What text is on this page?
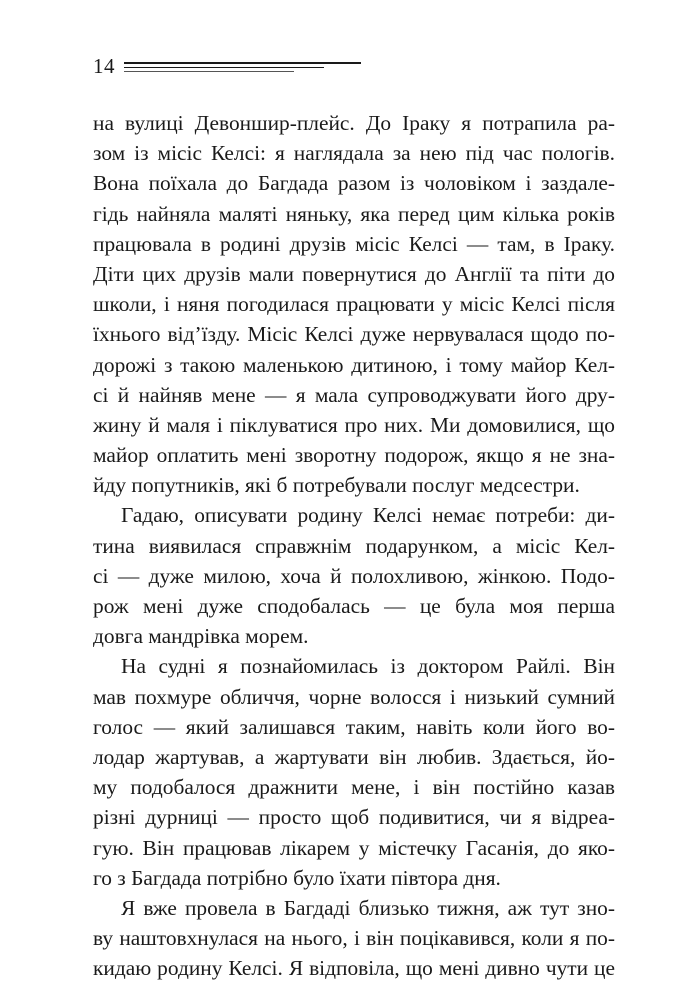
14
на вулиці Девоншир-плейс. До Іраку я потрапила ра-
зом із місіс Келсі: я наглядала за нею під час пологів.
Вона поїхала до Багдада разом із чоловіком і заздале-
гідь найняла маляті няньку, яка перед цим кілька років
працювала в родині друзів місіс Келсі — там, в Іраку.
Діти цих друзів мали повернутися до Англії та піти до
школи, і няня погодилася працювати у місіс Келсі після
їхнього від’їзду. Місіс Келсі дуже нервувалася щодо по-
дорожі з такою маленькою дитиною, і тому майор Кел-
сі й найняв мене — я мала супроводжувати його дру-
жину й маля і піклуватися про них. Ми домовилися, що
майор оплатить мені зворотну подорож, якщо я не зна-
йду попутників, які б потребували послуг медсестри.
Гадаю, описувати родину Келсі немає потреби: ди-
тина виявилася справжнім подарунком, а місіс Кел-
сі — дуже милою, хоча й полохливою, жінкою. Подо-
рож мені дуже сподобалась — це була моя перша
довга мандрівка морем.
На судні я познайомилась із доктором Райлі. Він
мав похмуре обличчя, чорне волосся і низький сумний
голос — який залишався таким, навіть коли його во-
лодар жартував, а жартувати він любив. Здається, йо-
му подобалося дражнити мене, і він постійно казав
різні дурниці — просто щоб подивитися, чи я відреа-
гую. Він працював лікарем у містечку Гасанія, до яко-
го з Багдада потрібно було їхати півтора дня.
Я вже провела в Багдаді близько тижня, аж тут зно-
ву наштовхнулася на нього, і він поцікавився, коли я по-
кидаю родину Келсі. Я відповіла, що мені дивно чути це
